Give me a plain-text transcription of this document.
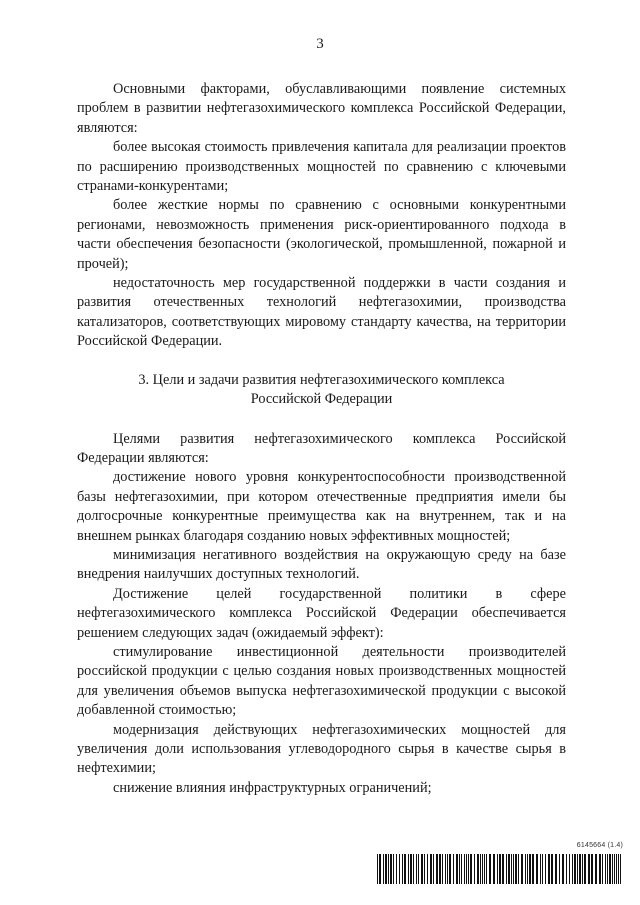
3

Основными факторами, обуславливающими появление системных проблем в развитии нефтегазохимического комплекса Российской Федерации, являются:

более высокая стоимость привлечения капитала для реализации проектов по расширению производственных мощностей по сравнению с ключевыми странами-конкурентами;

более жесткие нормы по сравнению с основными конкурентными регионами, невозможность применения риск-ориентированного подхода в части обеспечения безопасности (экологической, промышленной, пожарной и прочей);

недостаточность мер государственной поддержки в части создания и развития отечественных технологий нефтегазохимии, производства катализаторов, соответствующих мировому стандарту качества, на территории Российской Федерации.

3. Цели и задачи развития нефтегазохимического комплекса
Российской Федерации

Целями развития нефтегазохимического комплекса Российской Федерации являются:

достижение нового уровня конкурентоспособности производственной базы нефтегазохимии, при котором отечественные предприятия имели бы долгосрочные конкурентные преимущества как на внутреннем, так и на внешнем рынках благодаря созданию новых эффективных мощностей;

минимизация негативного воздействия на окружающую среду на базе внедрения наилучших доступных технологий.

Достижение целей государственной политики в сфере нефтегазохимического комплекса Российской Федерации обеспечивается решением следующих задач (ожидаемый эффект):

стимулирование инвестиционной деятельности производителей российской продукции с целью создания новых производственных мощностей для увеличения объемов выпуска нефтегазохимической продукции с высокой добавленной стоимостью;

модернизация действующих нефтегазохимических мощностей для увеличения доли использования углеводородного сырья в качестве сырья в нефтехимии;

снижение влияния инфраструктурных ограничений;

6145664 (1.4)
